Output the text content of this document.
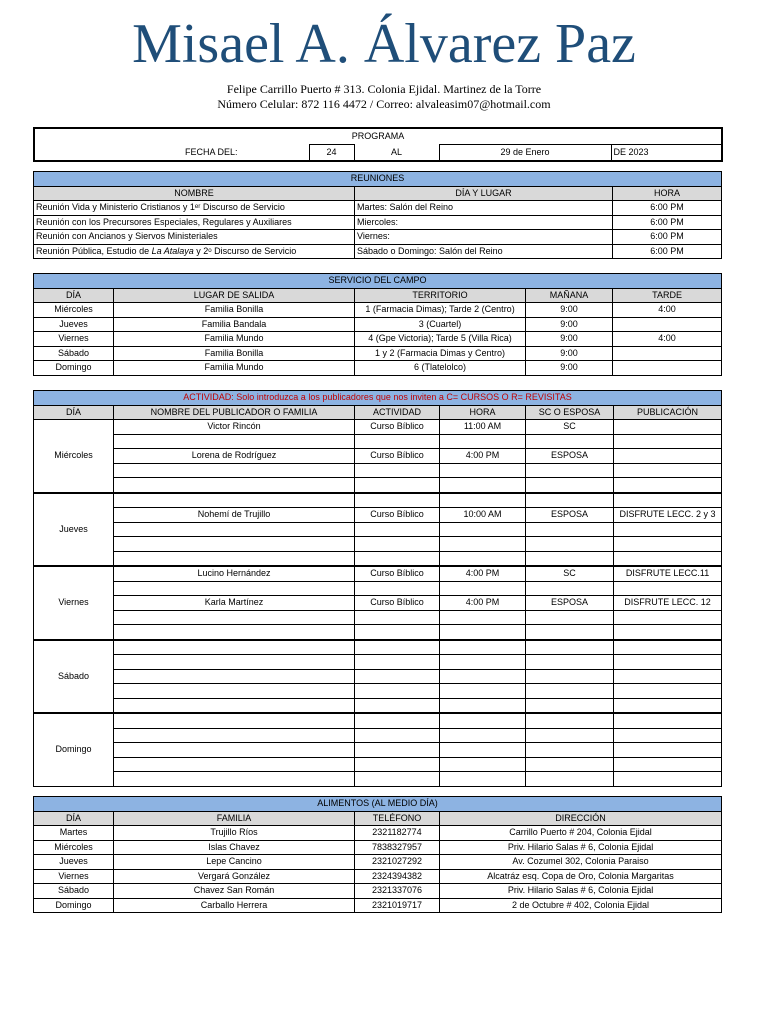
Misael A. Álvarez Paz
Felipe Carrillo Puerto # 313. Colonia Ejidal. Martinez de la Torre
Número Celular: 872 116 4472 / Correo: alvaleasim07@hotmail.com
PROGRAMA
	FECHA DEL:	24	AL	29 de Enero	DE 2023
REUNIONES		
NOMBRE	DÍA Y LUGAR	HORA
Reunión Vida y Ministerio Cristianos y 1ᵉʳ Discurso de Servicio	Martes: Salón del Reino	6:00 PM
Reunión con los Precursores Especiales, Regulares y Auxiliares	Miercoles:	6:00 PM
Reunión con Ancianos y Siervos Ministeriales	Viernes:	6:00 PM
Reunión Pública, Estudio de La Atalaya y 2ᵒ Discurso de Servicio	Sábado o Domingo: Salón del Reino	6:00 PM
SERVICIO DEL CAMPO				
DÍA	LUGAR DE SALIDA	TERRITORIO	MAÑANA	TARDE
Miércoles	Familia Bonilla	1 (Farmacia Dimas); Tarde 2 (Centro)	9:00	4:00
Jueves	Familia Bandala	3 (Cuartel)	9:00	
Viernes	Familia Mundo	4 (Gpe Victoria); Tarde 5 (Villa Rica)	9:00	4:00
Sábado	Familia Bonilla	1 y 2 (Farmacia Dimas y Centro)	9:00	
Domingo	Familia Mundo	6 (Tlatelolco)	9:00	
ACTIVIDAD: Solo introduzca a los publicadores que nos inviten a C= CURSOS O R= REVISITAS					
DÍA	NOMBRE DEL PUBLICADOR O FAMILIA	ACTIVIDAD	HORA	SC O ESPOSA	PUBLICACIÓN
Miércoles	Victor Rincón	Curso Bíblico	11:00 AM	SC	

	Lorena de Rodríguez	Curso Bíblico	4:00 PM	ESPOSA	

Jueves					
	Nohemí de Trujillo	Curso Bíblico	10:00 AM	ESPOSA	DISFRUTE LECC. 2 y 3

Viernes	Lucino Hernández	Curso Bíblico	4:00 PM	SC	DISFRUTE LECC.11

	Karla Martínez	Curso Bíblico	4:00 PM	ESPOSA	DISFRUTE LECC. 12

Sábado					

Domingo					

ALIMENTOS (AL MEDIO DÍA)			
DÍA	FAMILIA	TELÉFONO	DIRECCIÓN
Martes	Trujillo Ríos	2321182774	Carrillo Puerto # 204, Colonia Ejidal
Miércoles	Islas Chavez	7838327957	Priv. Hilario Salas # 6, Colonia Ejidal
Jueves	Lepe Cancino	2321027292	Av. Cozumel 302, Colonia Paraiso
Viernes	Vergará González	2324394382	Alcatráz esq. Copa de Oro, Colonia Margaritas
Sábado	Chavez San Román	2321337076	Priv. Hilario Salas # 6, Colonia Ejidal
Domingo	Carballo Herrera	2321019717	2 de Octubre # 402, Colonia Ejidal
